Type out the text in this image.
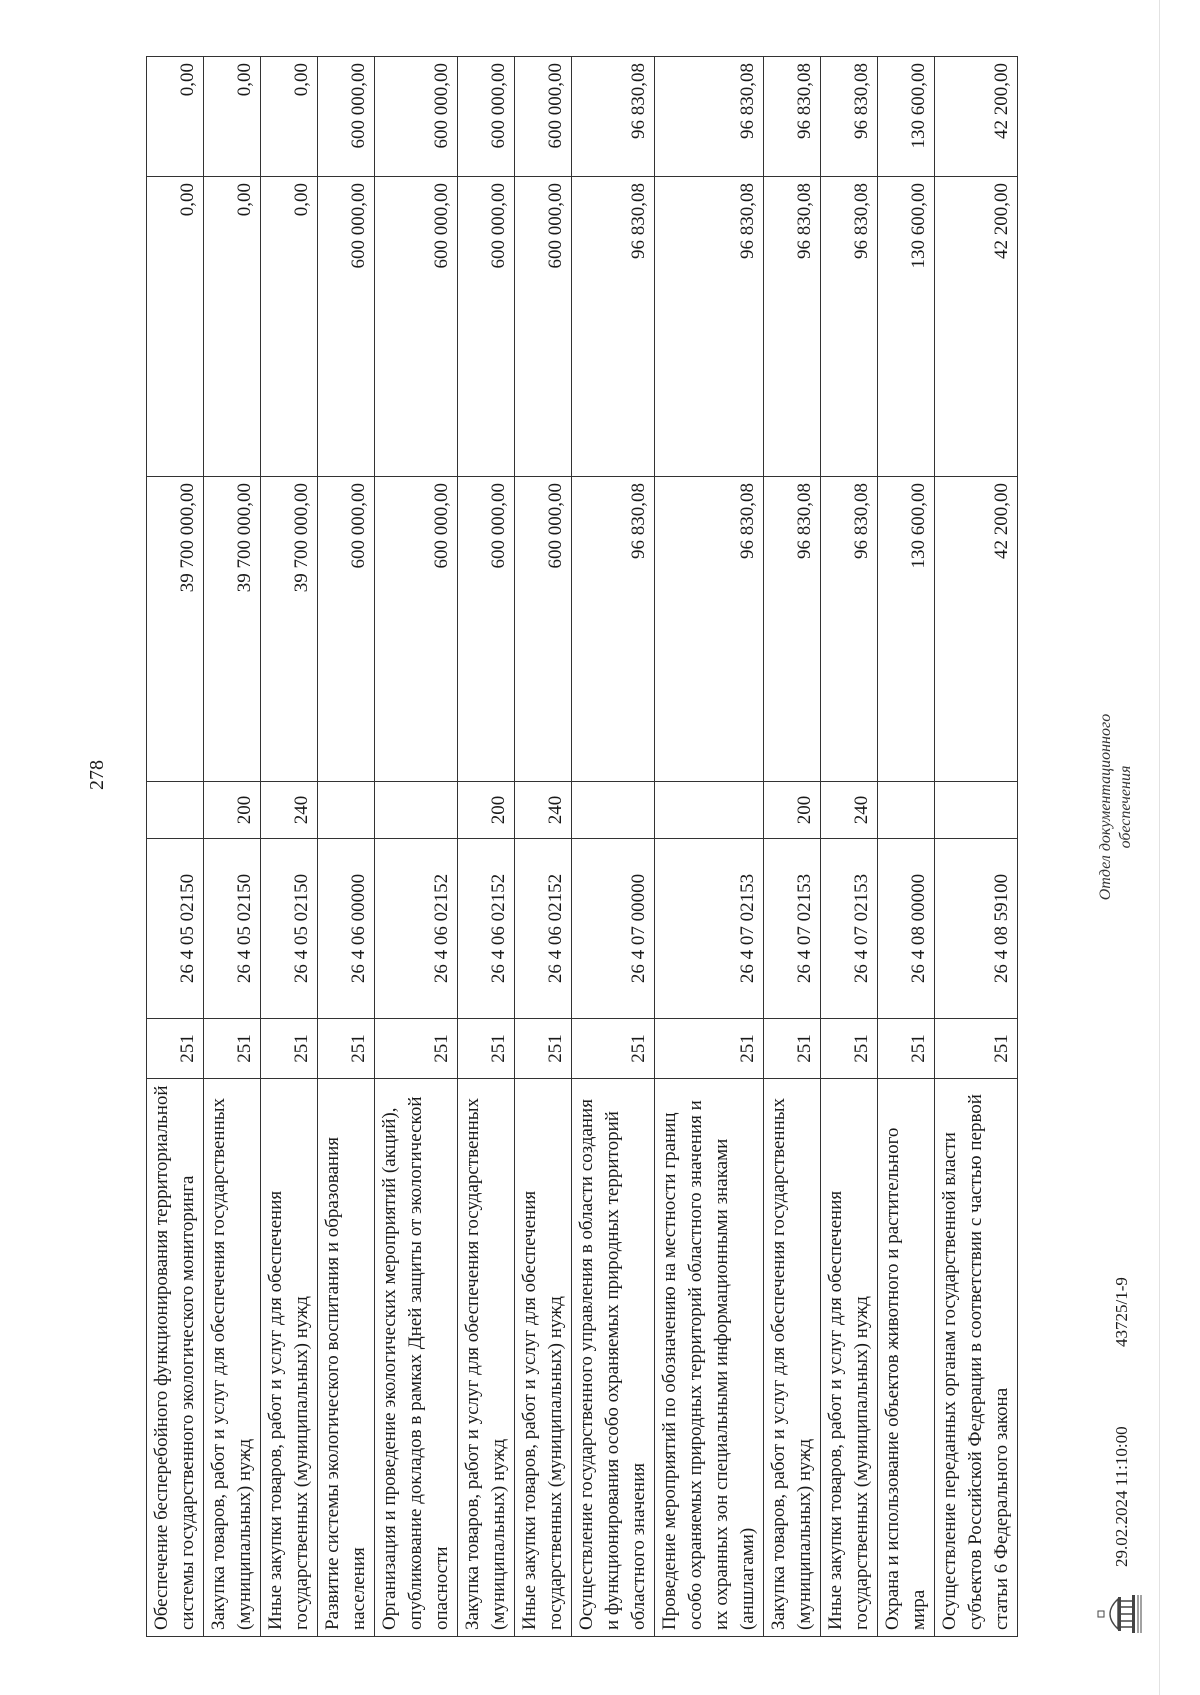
278
Обеспечение бесперебойного функционирования территориальной системы государственного экологического мониторинга	251	26 4 05 02150		39 700 000,00	0,00	0,00
Закупка товаров, работ и услуг для обеспечения государственных (муниципальных) нужд	251	26 4 05 02150	200	39 700 000,00	0,00	0,00
Иные закупки товаров, работ и услуг для обеспечения государственных (муниципальных) нужд	251	26 4 05 02150	240	39 700 000,00	0,00	0,00
Развитие системы экологического воспитания и образования населения	251	26 4 06 00000		600 000,00	600 000,00	600 000,00
Организация и проведение экологических мероприятий (акций), опубликование докладов в рамках Дней защиты от экологической опасности	251	26 4 06 02152		600 000,00	600 000,00	600 000,00
Закупка товаров, работ и услуг для обеспечения государственных (муниципальных) нужд	251	26 4 06 02152	200	600 000,00	600 000,00	600 000,00
Иные закупки товаров, работ и услуг для обеспечения государственных (муниципальных) нужд	251	26 4 06 02152	240	600 000,00	600 000,00	600 000,00
Осуществление государственного управления в области создания и функционирования особо охраняемых природных территорий областного значения	251	26 4 07 00000		96 830,08	96 830,08	96 830,08
Проведение мероприятий по обозначению на местности границ особо охраняемых природных территорий областного значения и их охранных зон специальными информационными знаками (аншлагами)	251	26 4 07 02153		96 830,08	96 830,08	96 830,08
Закупка товаров, работ и услуг для обеспечения государственных (муниципальных) нужд	251	26 4 07 02153	200	96 830,08	96 830,08	96 830,08
Иные закупки товаров, работ и услуг для обеспечения государственных (муниципальных) нужд	251	26 4 07 02153	240	96 830,08	96 830,08	96 830,08
Охрана и использование объектов животного и растительного мира	251	26 4 08 00000		130 600,00	130 600,00	130 600,00
Осуществление переданных органам государственной власти субъектов Российской Федерации в соответствии с частью первой статьи 6 Федерального закона	251	26 4 08 59100		42 200,00	42 200,00	42 200,00
29.02.2024 11:10:00
43725/1-9
Отдел документационного обеспечения
